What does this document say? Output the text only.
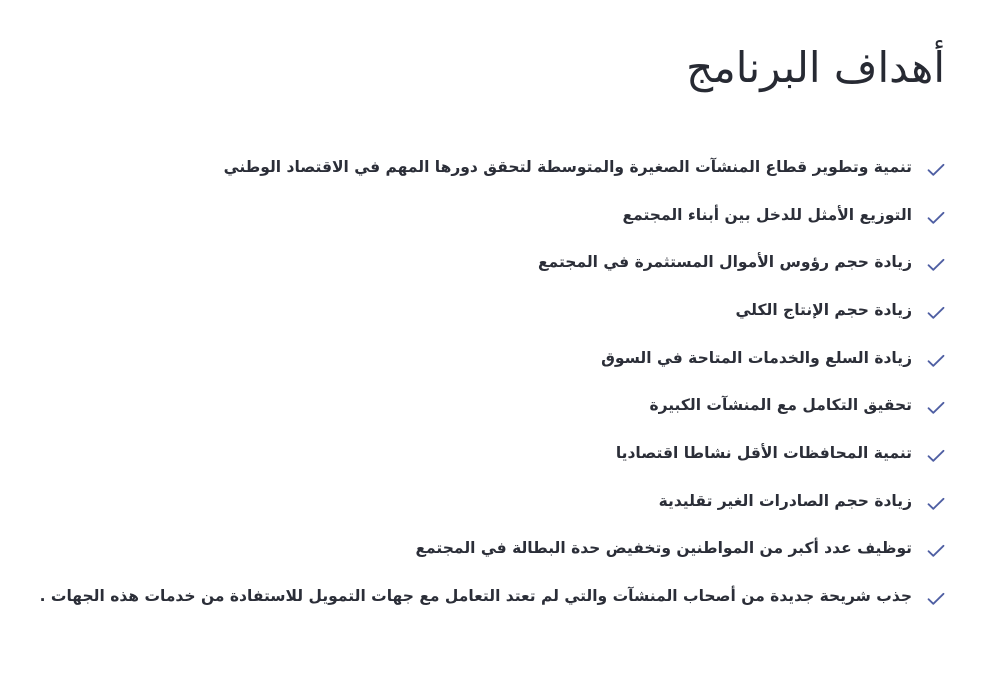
أهداف البرنامج
تنمية وتطوير قطاع المنشآت الصغيرة والمتوسطة لتحقق دورها المهم في الاقتصاد الوطني
التوزيع الأمثل للدخل بين أبناء المجتمع
زيادة حجم رؤوس الأموال المستثمرة في المجتمع
زيادة حجم الإنتاج الكلي
زيادة السلع والخدمات المتاحة في السوق
تحقيق التكامل مع المنشآت الكبيرة
تنمية المحافظات الأقل نشاطا اقتصاديا
زيادة حجم الصادرات الغير تقليدية
توظيف عدد أكبر من المواطنين وتخفيض حدة البطالة في المجتمع
جذب شريحة جديدة من أصحاب المنشآت والتي لم تعتد التعامل مع جهات التمويل للاستفادة من خدمات هذه الجهات .
